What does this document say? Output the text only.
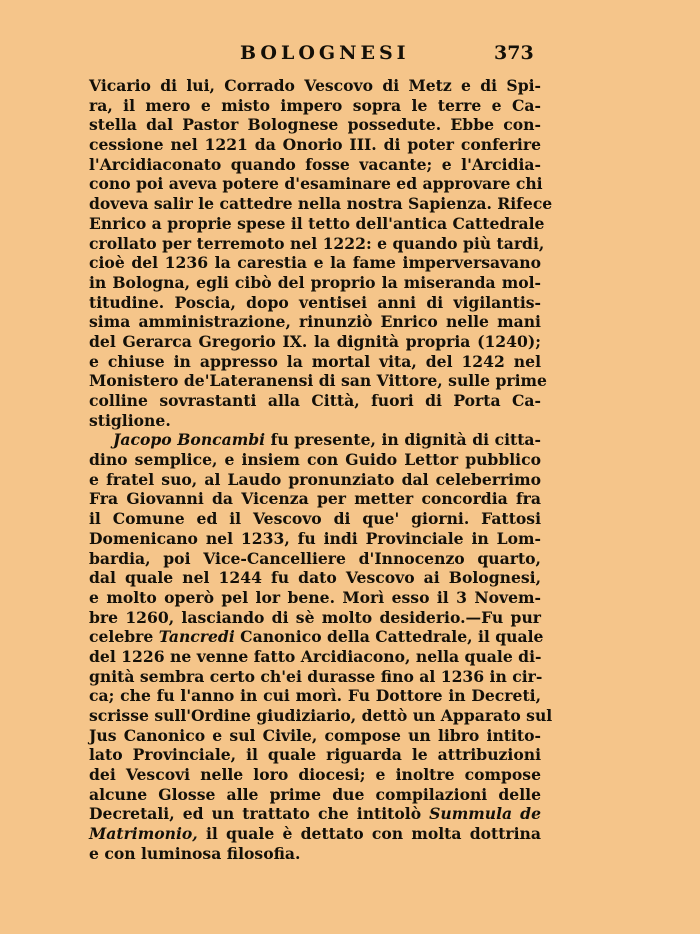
BOLOGNESI	373
Vicario di lui, Corrado Vescovo di Metz e di Spi-
ra, il mero e misto impero sopra le terre e Ca-
stella dal Pastor Bolognese possedute. Ebbe con-
cessione nel 1221 da Onorio III. di poter conferire
l'Arcidiaconato quando fosse vacante; e l'Arcidia-
cono poi aveva potere d'esaminare ed approvare chi
doveva salir le cattedre nella nostra Sapienza. Rifece
Enrico a proprie spese il tetto dell'antica Cattedrale
crollato per terremoto nel 1222: e quando più tardi,
cioè del 1236 la carestia e la fame imperversavano
in Bologna, egli cibò del proprio la miseranda mol-
titudine. Poscia, dopo ventisei anni di vigilantis-
sima amministrazione, rinunziò Enrico nelle mani
del Gerarca Gregorio IX. la dignità propria (1240);
e chiuse in appresso la mortal vita, del 1242 nel
Monistero de'Lateranensi di san Vittore, sulle prime
colline sovrastanti alla Città, fuori di Porta Ca-
stiglione.
Jacopo Boncambi fu presente, in dignità di citta-
dino semplice, e insiem con Guido Lettor pubblico
e fratel suo, al Laudo pronunziato dal celeberrimo
Fra Giovanni da Vicenza per metter concordia fra
il Comune ed il Vescovo di que' giorni. Fattosi
Domenicano nel 1233, fu indi Provinciale in Lom-
bardia, poi Vice-Cancelliere d'Innocenzo quarto,
dal quale nel 1244 fu dato Vescovo ai Bolognesi,
e molto operò pel lor bene. Morì esso il 3 Novem-
bre 1260, lasciando di sè molto desiderio.—Fu pur
celebre Tancredi Canonico della Cattedrale, il quale
del 1226 ne venne fatto Arcidiacono, nella quale di-
gnità sembra certo ch'ei durasse fino al 1236 in cir-
ca; che fu l'anno in cui morì. Fu Dottore in Decreti,
scrisse sull'Ordine giudiziario, dettò un Apparato sul
Jus Canonico e sul Civile, compose un libro intito-
lato Provinciale, il quale riguarda le attribuzioni
dei Vescovi nelle loro diocesi; e inoltre compose
alcune Glosse alle prime due compilazioni delle
Decretali, ed un trattato che intitolò Summula de
Matrimonio, il quale è dettato con molta dottrina
e con luminosa filosofia.
